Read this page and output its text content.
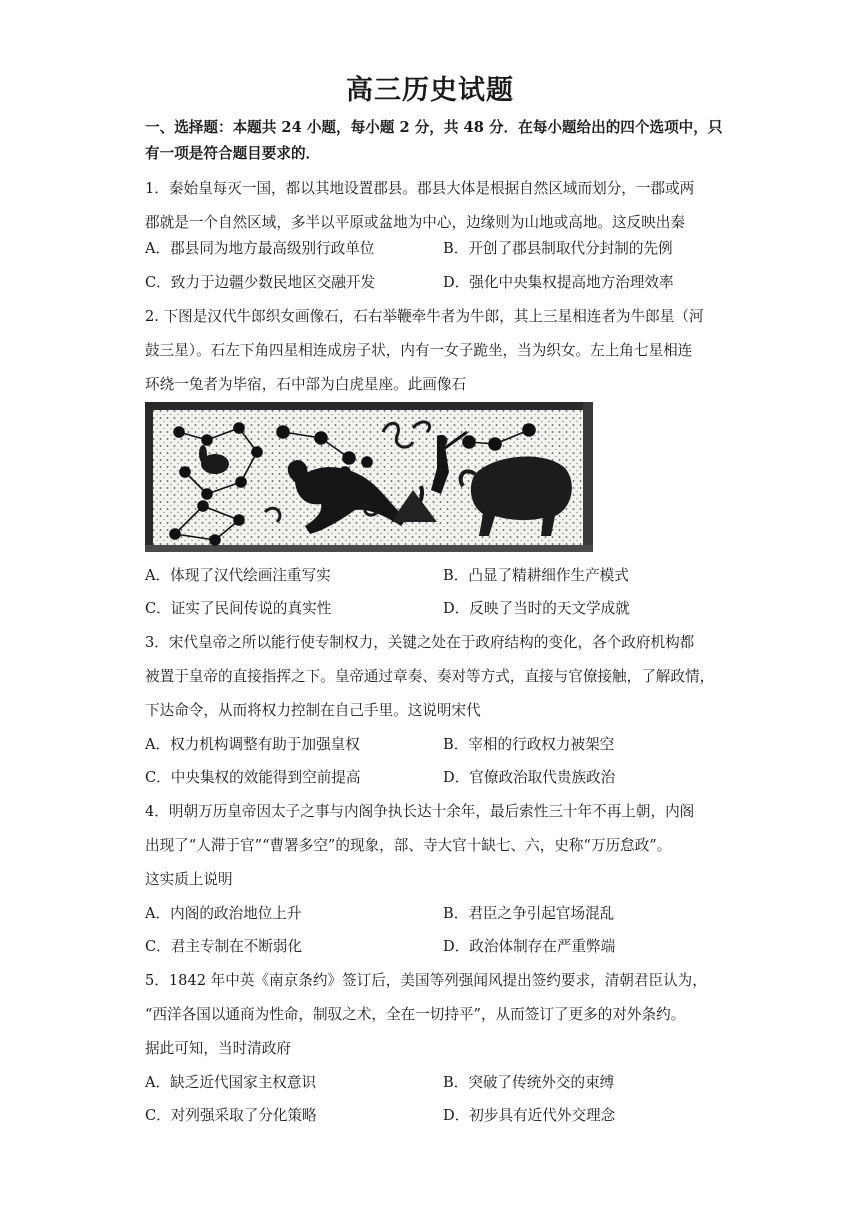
高三历史试题
一、选择题：本题共 24 小题，每小题 2 分，共 48 分．在每小题给出的四个选项中，只
有一项是符合题目要求的．
1．秦始皇每灭一国，都以其地设置郡县。郡县大体是根据自然区域而划分，一郡或两
郡就是一个自然区域，多半以平原或盆地为中心，边缘则为山地或高地。这反映出秦
A．郡县同为地方最高级别行政单位	B．开创了郡县制取代分封制的先例
C．致力于边疆少数民地区交融开发	D．强化中央集权提高地方治理效率
2. 下图是汉代牛郎织女画像石，石右举鞭牵牛者为牛郎，其上三星相连者为牛郎星（河
鼓三星）。石左下角四星相连成房子状，内有一女子跪坐，当为织女。左上角七星相连
环绕一兔者为毕宿，石中部为白虎星座。此画像石
A．体现了汉代绘画注重写实	B．凸显了精耕细作生产模式
C．证实了民间传说的真实性	D．反映了当时的天文学成就
3．宋代皇帝之所以能行使专制权力，关键之处在于政府结构的变化，各个政府机构都
被置于皇帝的直接指挥之下。皇帝通过章奏、奏对等方式，直接与官僚接触，了解政情，
下达命令，从而将权力控制在自己手里。这说明宋代
A．权力机构调整有助于加强皇权	B．宰相的行政权力被架空
C．中央集权的效能得到空前提高	D．官僚政治取代贵族政治
4．明朝万历皇帝因太子之事与内阁争执长达十余年，最后索性三十年不再上朝，内阁
出现了“人滞于官”“曹署多空”的现象，部、寺大官十缺七、六，史称“万历怠政”。
这实质上说明
A．内阁的政治地位上升	B．君臣之争引起官场混乱
C．君主专制在不断弱化	D．政治体制存在严重弊端
5．1842 年中英《南京条约》签订后，美国等列强闻风提出签约要求，清朝君臣认为，
“西洋各国以通商为性命，制驭之术，全在一切持平”，从而签订了更多的对外条约。
据此可知，当时清政府
A．缺乏近代国家主权意识	B．突破了传统外交的束缚
C．对列强采取了分化策略	D．初步具有近代外交理念
